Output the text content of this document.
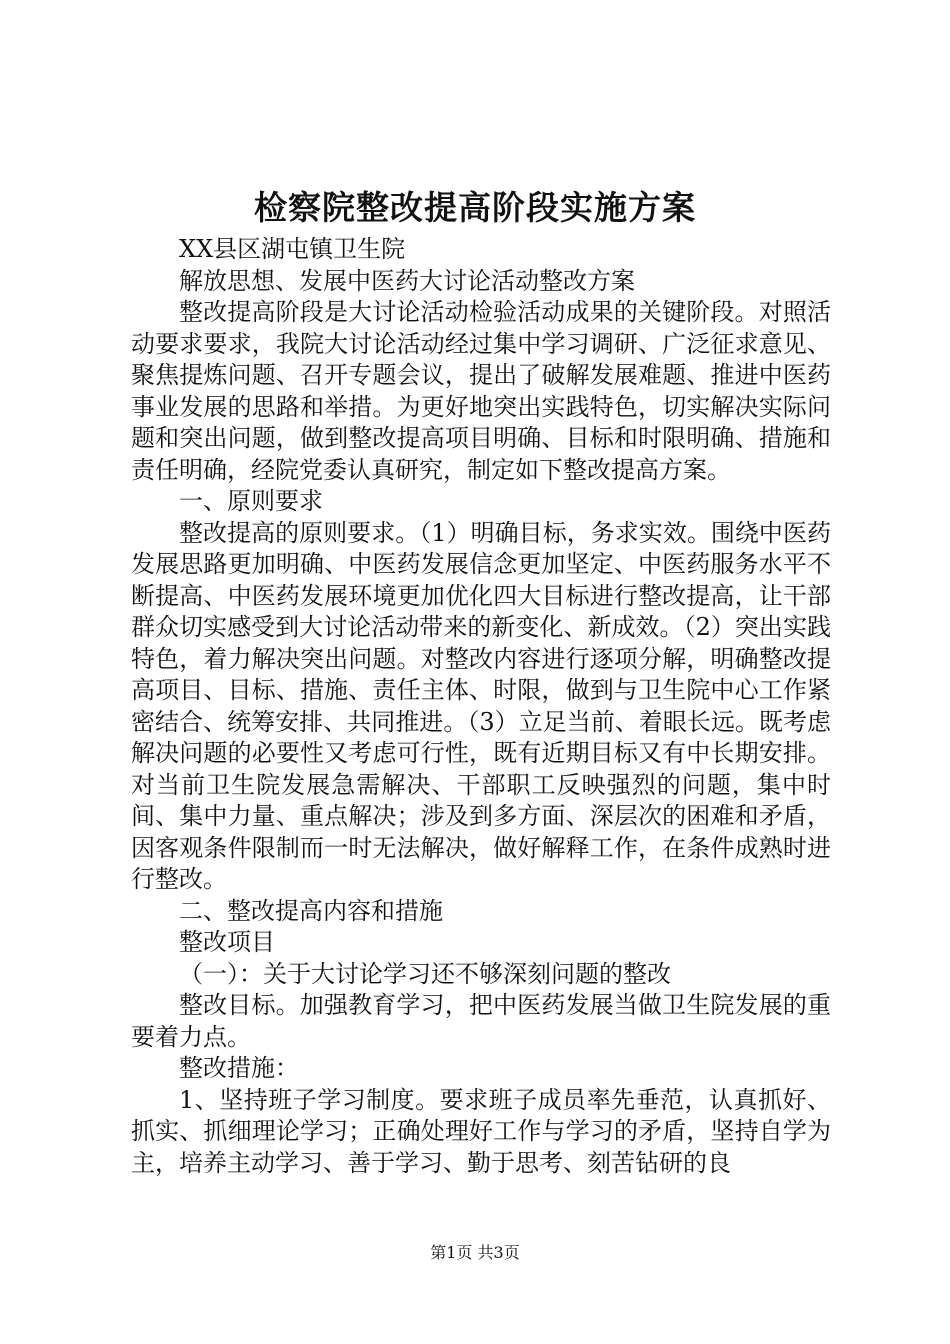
检察院整改提高阶段实施方案

XX县区湖屯镇卫生院

解放思想、发展中医药大讨论活动整改方案

整改提高阶段是大讨论活动检验活动成果的关键阶段。对照活动要求要求，我院大讨论活动经过集中学习调研、广泛征求意见、聚焦提炼问题、召开专题会议，提出了破解发展难题、推进中医药事业发展的思路和举措。为更好地突出实践特色，切实解决实际问题和突出问题，做到整改提高项目明确、目标和时限明确、措施和责任明确，经院党委认真研究，制定如下整改提高方案。

一、原则要求

整改提高的原则要求。（1）明确目标，务求实效。围绕中医药发展思路更加明确、中医药发展信念更加坚定、中医药服务水平不断提高、中医药发展环境更加优化四大目标进行整改提高，让干部群众切实感受到大讨论活动带来的新变化、新成效。（2）突出实践特色，着力解决突出问题。对整改内容进行逐项分解，明确整改提高项目、目标、措施、责任主体、时限，做到与卫生院中心工作紧密结合、统筹安排、共同推进。（3）立足当前、着眼长远。既考虑解决问题的必要性又考虑可行性，既有近期目标又有中长期安排。对当前卫生院发展急需解决、干部职工反映强烈的问题，集中时间、集中力量、重点解决；涉及到多方面、深层次的困难和矛盾，因客观条件限制而一时无法解决，做好解释工作，在条件成熟时进行整改。

二、整改提高内容和措施

整改项目

（一）：关于大讨论学习还不够深刻问题的整改

整改目标。加强教育学习，把中医药发展当做卫生院发展的重要着力点。

整改措施：

1、坚持班子学习制度。要求班子成员率先垂范，认真抓好、抓实、抓细理论学习；正确处理好工作与学习的矛盾，坚持自学为主，培养主动学习、善于学习、勤于思考、刻苦钻研的良

第1页 共3页
